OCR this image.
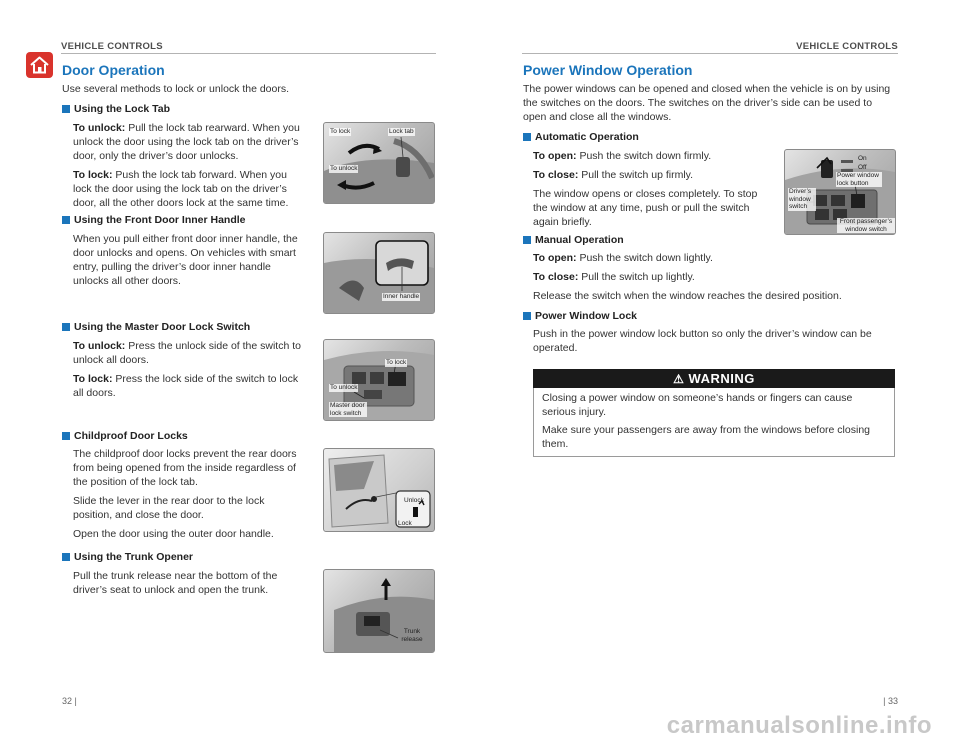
VEHICLE CONTROLS	VEHICLE CONTROLS
Door Operation
Use several methods to lock or unlock the doors.
Using the Lock Tab

To unlock: Pull the lock tab rearward. When you unlock the door using the lock tab on the driver’s door, only the driver’s door unlocks.

To lock: Push the lock tab forward. When you lock the door using the lock tab on the driver’s door, all the other doors lock at the same time.

To lock	Lock tab
To unlock
Using the Front Door Inner Handle

When you pull either front door inner handle, the door unlocks and opens. On vehicles with smart entry, pulling the driver’s door inner handle unlocks all other doors.

Inner handle
Using the Master Door Lock Switch

To unlock: Press the unlock side of the switch to unlock all doors.

To lock: Press the lock side of the switch to lock all doors.

To lock
To unlock
Master door lock switch
Childproof Door Locks

The childproof door locks prevent the rear doors from being opened from the inside regardless of the position of the lock tab.

Slide the lever in the rear door to the lock position, and close the door.

Open the door using the outer door handle.

Unlock
Lock
Using the Trunk Opener

Pull the trunk release near the bottom of the driver’s seat to unlock and open the trunk.

Trunk release
32 |
Power Window Operation
The power windows can be opened and closed when the vehicle is on by using the switches on the doors. The switches on the driver’s side can be used to open and close all the windows.
Automatic Operation

To open: Push the switch down firmly.

To close: Pull the switch up firmly.

The window opens or closes completely. To stop the window at any time, push or pull the switch again briefly.

On
Off
Power window lock button
Driver’s window switch
Front passenger’s window switch
Manual Operation

To open: Push the switch down lightly.

To close: Pull the switch up lightly.

Release the switch when the window reaches the desired position.

Power Window Lock

Push in the power window lock button so only the driver’s window can be operated.

⚠ WARNING

Closing a power window on someone’s hands or fingers can cause serious injury.

Make sure your passengers are away from the windows before closing them.

| 33
carmanualsonline.info
